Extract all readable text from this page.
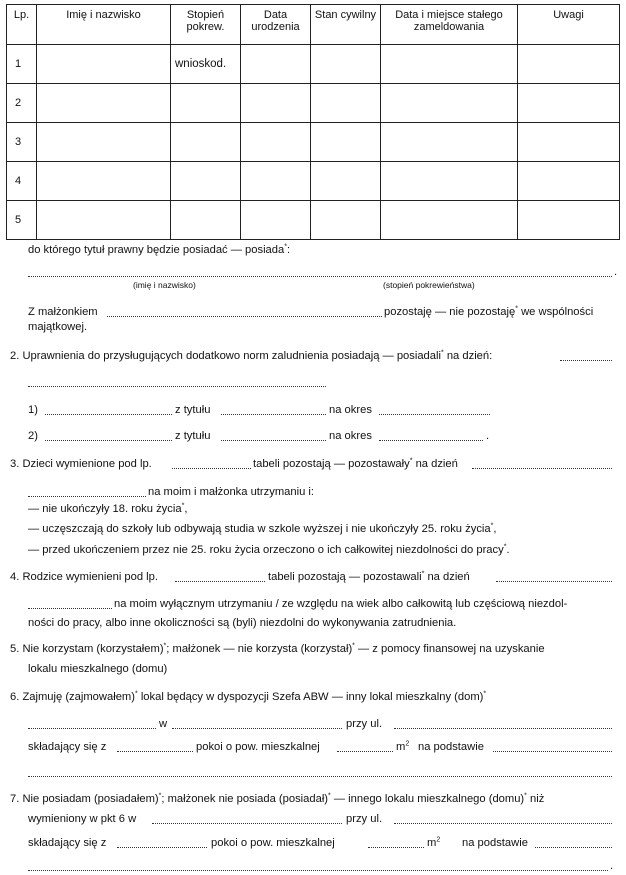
Lp.	Imię i nazwisko	Stopień pokrew.	Data urodzenia	Stan cywilny	Data i miejsce stałego zameldowania	Uwagi
1		wnioskod.				
2						
3						
4						
5						
do którego tytuł prawny będzie posiadać — posiada*:
.
(imię i nazwisko)	(stopień pokrewieństwa)
Z małżonkiem	pozostaję — nie pozostaję* we wspólności
majątkowej.
2. Uprawnienia do przysługujących dodatkowo norm zaludnienia posiadają — posiadali* na dzień:
1)	z tytułu	na okres
2)	z tytułu	na okres	.
3. Dzieci wymienione pod lp.	tabeli pozostają — pozostawały* na dzień
na moim i małżonka utrzymaniu i:
— nie ukończyły 18. roku życia*,
— uczęszczają do szkoły lub odbywają studia w szkole wyższej i nie ukończyły 25. roku życia*,
— przed ukończeniem przez nie 25. roku życia orzeczono o ich całkowitej niezdolności do pracy*.
4. Rodzice wymienieni pod lp.	tabeli pozostają — pozostawali* na dzień
na moim wyłącznym utrzymaniu / ze względu na wiek albo całkowitą lub częściową niezdol-
ności do pracy, albo inne okoliczności są (byli) niezdolni do wykonywania zatrudnienia.
5. Nie korzystam (korzystałem)*; małżonek — nie korzysta (korzystał)* — z pomocy finansowej na uzyskanie
lokalu mieszkalnego (domu)
6. Zajmuję (zajmowałem)* lokal będący w dyspozycji Szefa ABW — inny lokal mieszkalny (dom)*
w	przy ul.
składający się z	pokoi o pow. mieszkalnej	$m^2$ na podstawie
7. Nie posiadam (posiadałem)*; małżonek nie posiada (posiadał)* — innego lokalu mieszkalnego (domu)* niż
wymieniony w pkt 6 w	przy ul.
składający się z	pokoi o pow. mieszkalnej	$m^2$ na podstawie
.
